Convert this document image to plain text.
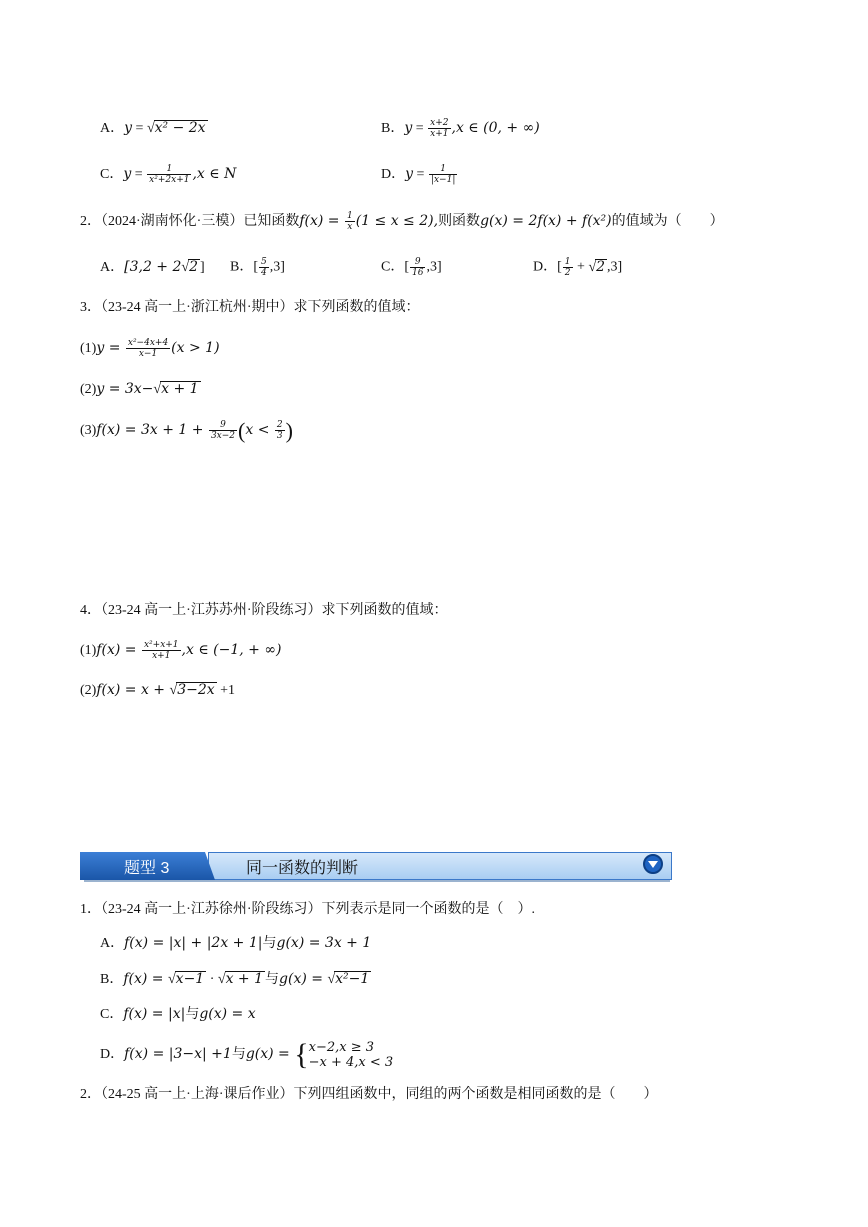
A．y = √x² − 2x	B．$y = \frac{x+2}{x+1} ,x$ ∈ (0, + ∞)
C．$y = \frac{1}{\text{x²+2x+1}} ,x$ ∈ N	D．$y = \frac{1}{|x-1|}$
2．（2024·湖南怀化·三模）已知函数$f(x) = \frac{1}{x} (1 \le x \le 2)$,则函数g(x) = 2f(x) + f(x²)的值域为（　　）
A．[3,2 + 2√2 ] B．[ $\frac{5}{4} ,3$]	C．[ $\frac{9}{16} ,3$]	D．[ $\frac{1}{2} + √2$ ,3]
3．（23-24 高一上·浙江杭州·期中）求下列函数的值域：
$(1)y = \frac{\text{x²−4x+4}}{x-1} (x > 1)$
(2)y = 3x−√x + 1
$(3)f(x) = 3x + 1 + \frac{9}{3x-2} (x < \frac{2}{3}$ )
4．（23-24 高一上·江苏苏州·阶段练习）求下列函数的值域：
$(1)f(x) = \frac{\text{x²+x+1}}{x+1} ,x$ ∈ (−1, + ∞)
(2)f(x) = x + √3−2x +1
题型 3	同一函数的判断
1．（23-24 高一上·江苏徐州·阶段练习）下列表示是同一个函数的是（　）.
A．f(x) = |x| + |2x + 1|与g(x) = 3x + 1
B．f(x) = √x−1 · √x + 1 与g(x) = √x²−1
C．f(x) = |x|与g(x) = x
D．f(x) = |3−x| +1与g(x) = { x−2,x ≥ 3
−x + 4,x < 3
2．（24-25 高一上·上海·课后作业）下列四组函数中，同组的两个函数是相同函数的是（　　）
